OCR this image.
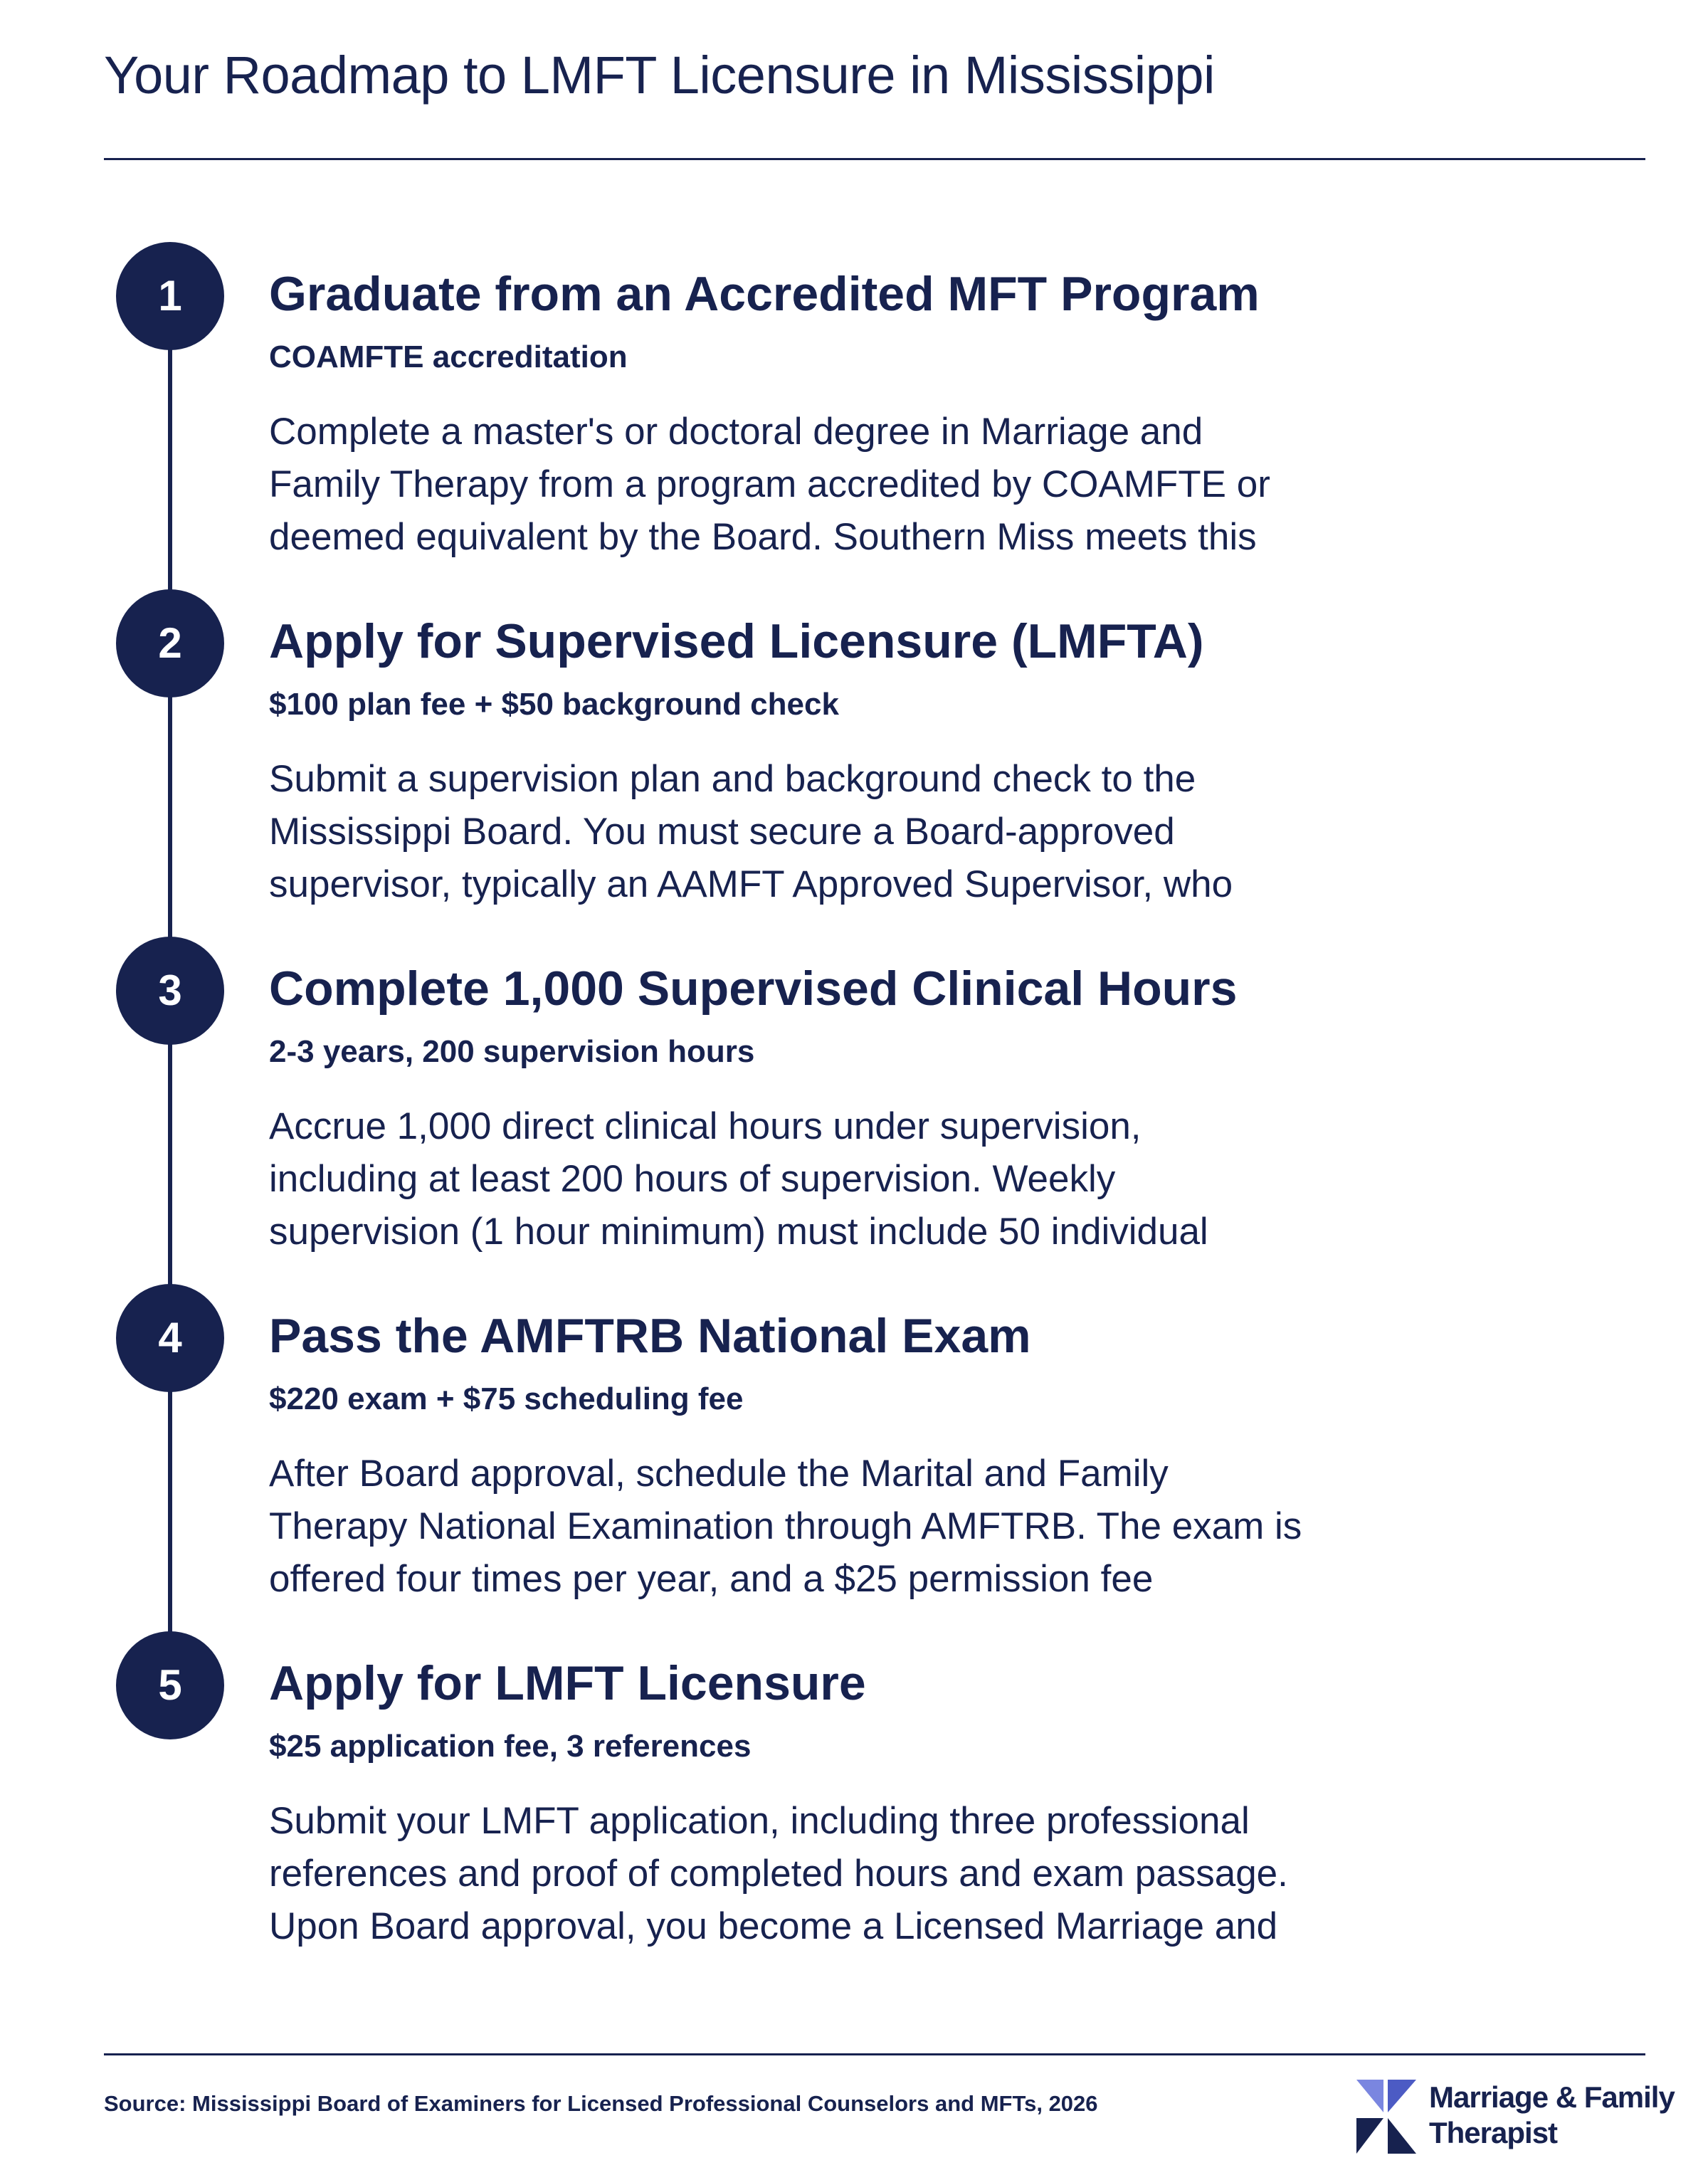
Your Roadmap to LMFT Licensure in Mississippi
1	Graduate from an Accredited MFT Program
COAMFTE accreditation

Complete a master's or doctoral degree in Marriage and
Family Therapy from a program accredited by COAMFTE or
deemed equivalent by the Board. Southern Miss meets this

2	Apply for Supervised Licensure (LMFTA)
$100 plan fee + $50 background check

Submit a supervision plan and background check to the
Mississippi Board. You must secure a Board-approved
supervisor, typically an AAMFT Approved Supervisor, who

3	Complete 1,000 Supervised Clinical Hours
2-3 years, 200 supervision hours

Accrue 1,000 direct clinical hours under supervision,
including at least 200 hours of supervision. Weekly
supervision (1 hour minimum) must include 50 individual

4	Pass the AMFTRB National Exam
$220 exam + $75 scheduling fee

After Board approval, schedule the Marital and Family
Therapy National Examination through AMFTRB. The exam is
offered four times per year, and a $25 permission fee

5	Apply for LMFT Licensure
$25 application fee, 3 references

Submit your LMFT application, including three professional
references and proof of completed hours and exam passage.
Upon Board approval, you become a Licensed Marriage and

Source: Mississippi Board of Examiners for Licensed Professional Counselors and MFTs, 2026	Marriage & Family
Therapist
